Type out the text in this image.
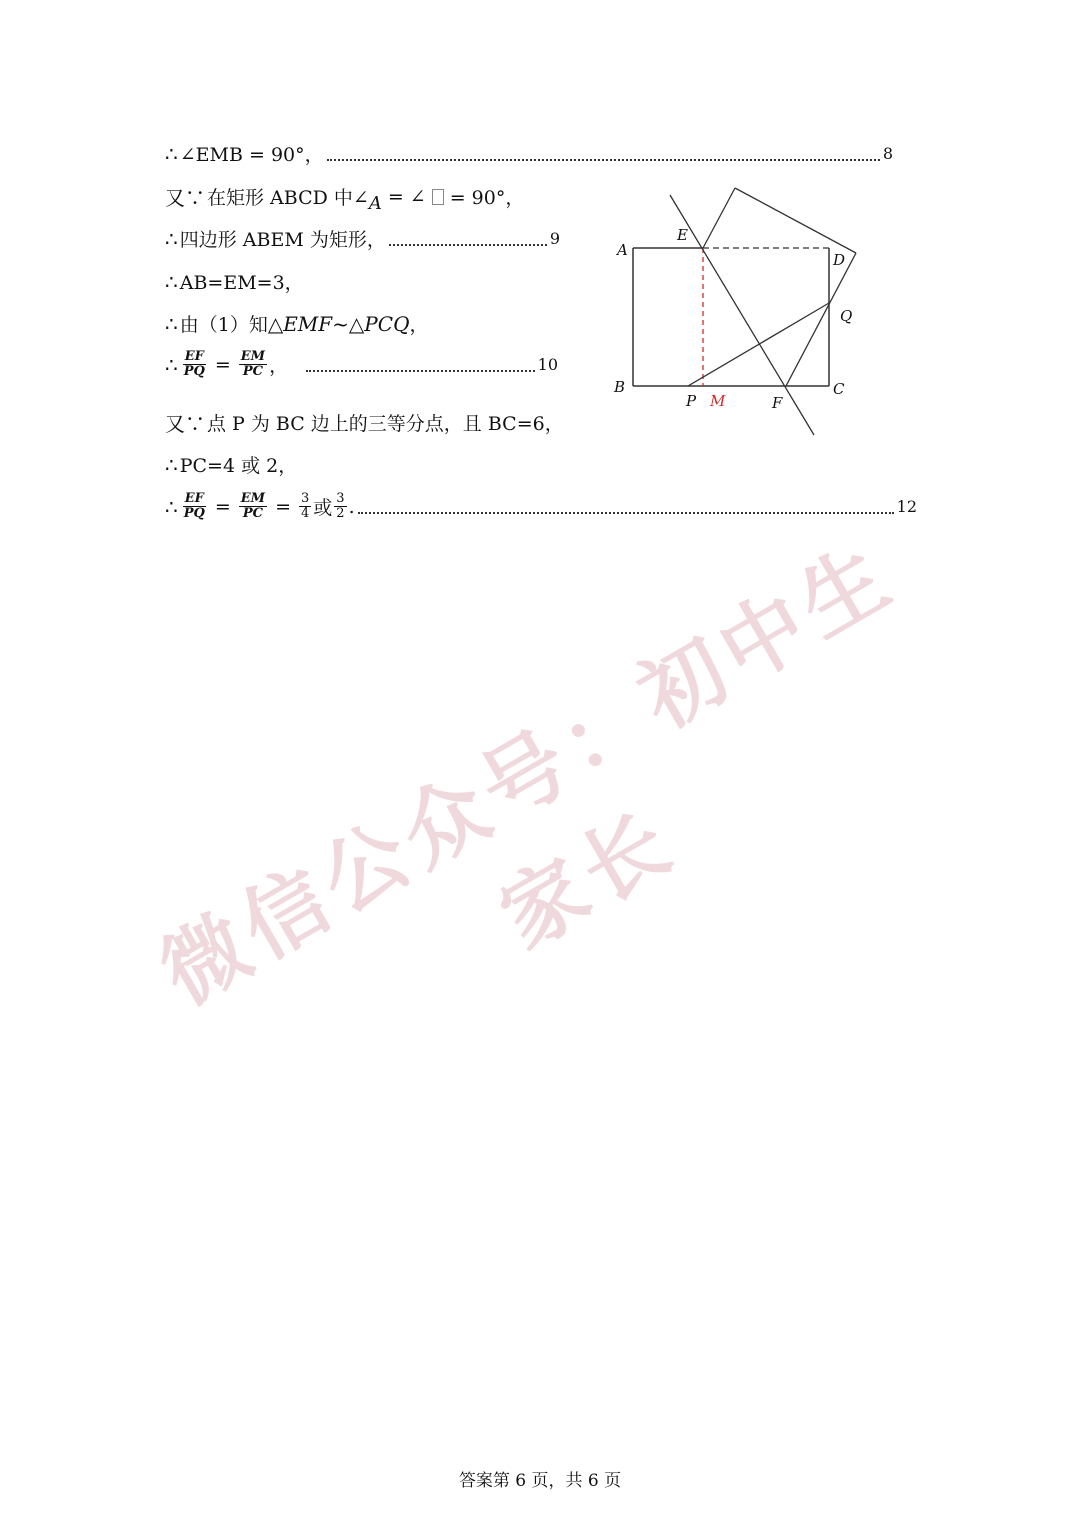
∴ ∠EMB = 90°，	8
又∵ 在矩形 ABCD 中∠ A = ∠ = 90°，
∴ 四边形 ABEM 为矩形，	9
∴ AB=EM=3，
∴ 由（1）知 △EMF~△PCQ ，
∴ $\frac{EF}{PQ} = \frac{EM}{PC}$ ，	10
又∵ 点 P 为 BC 边上的三等分点，且 BC=6，
∴ PC=4 或 2，
∴ $\frac{EF}{PQ} = \frac{EM}{PC} = \frac{3}{4}$ 或 $\frac{3}{2}$ .	12
A
B	C
D
E
F
P
Q
M
微信公众号：初中生家长
答案第 6 页，共 6 页
